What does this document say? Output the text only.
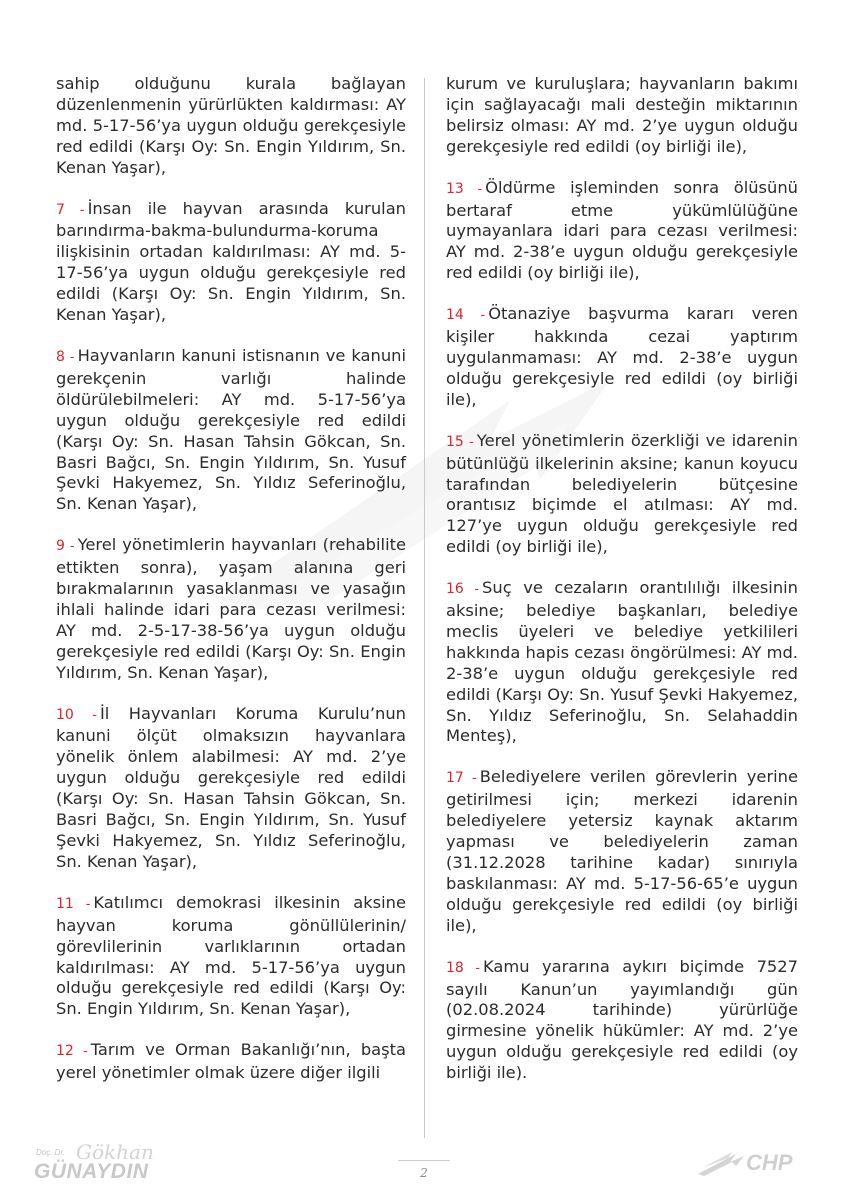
sahip olduğunu kurala bağlayan düzenlenmenin yürürlükten kaldırması: AY md. 5-17-56’ya uygun olduğu gerekçesiyle red edildi (Karşı Oy: Sn. Engin Yıldırım, Sn. Kenan Yaşar),

7 - İnsan ile hayvan arasında kurulan barındırma-bakma-bulundurma-koruma ilişkisinin ortadan kaldırılması: AY md. 5-17-56’ya uygun olduğu gerekçesiyle red edildi (Karşı Oy: Sn. Engin Yıldırım, Sn. Kenan Yaşar),

8 - Hayvanların kanuni istisnanın ve kanuni gerekçenin varlığı halinde öldürülebilmeleri: AY md. 5-17-56’ya uygun olduğu gerekçesiyle red edildi (Karşı Oy: Sn. Hasan Tahsin Gökcan, Sn. Basri Bağcı, Sn. Engin Yıldırım, Sn. Yusuf Şevki Hakyemez, Sn. Yıldız Seferinoğlu, Sn. Kenan Yaşar),

9 - Yerel yönetimlerin hayvanları (rehabilite ettikten sonra), yaşam alanına geri bırakmalarının yasaklanması ve yasağın ihlali halinde idari para cezası verilmesi: AY md. 2-5-17-38-56’ya uygun olduğu gerekçesiyle red edildi (Karşı Oy: Sn. Engin Yıldırım, Sn. Kenan Yaşar),

10 - İl Hayvanları Koruma Kurulu’nun kanuni ölçüt olmaksızın hayvanlara yönelik önlem alabilmesi: AY md. 2’ye uygun olduğu gerekçesiyle red edildi (Karşı Oy: Sn. Hasan Tahsin Gökcan, Sn. Basri Bağcı, Sn. Engin Yıldırım, Sn. Yusuf Şevki Hakyemez, Sn. Yıldız Seferinoğlu, Sn. Kenan Yaşar),

11 - Katılımcı demokrasi ilkesinin aksine hayvan koruma gönüllülerinin/ görevlilerinin varlıklarının ortadan kaldırılması: AY md. 5-17-56’ya uygun olduğu gerekçesiyle red edildi (Karşı Oy: Sn. Engin Yıldırım, Sn. Kenan Yaşar),

12 - Tarım ve Orman Bakanlığı’nın, başta yerel yönetimler olmak üzere diğer ilgili

kurum ve kuruluşlara; hayvanların bakımı için sağlayacağı mali desteğin miktarının belirsiz olması: AY md. 2’ye uygun olduğu gerekçesiyle red edildi (oy birliği ile),

13 - Öldürme işleminden sonra ölüsünü bertaraf etme yükümlülüğüne uymayanlara idari para cezası verilmesi: AY md. 2-38’e uygun olduğu gerekçesiyle red edildi (oy birliği ile),

14 - Ötanaziye başvurma kararı veren kişiler hakkında cezai yaptırım uygulanmaması: AY md. 2-38’e uygun olduğu gerekçesiyle red edildi (oy birliği ile),

15 - Yerel yönetimlerin özerkliği ve idarenin bütünlüğü ilkelerinin aksine; kanun koyucu tarafından belediyelerin bütçesine orantısız biçimde el atılması: AY md. 127’ye uygun olduğu gerekçesiyle red edildi (oy birliği ile),

16 - Suç ve cezaların orantılılığı ilkesinin aksine; belediye başkanları, belediye meclis üyeleri ve belediye yetkilileri hakkında hapis cezası öngörülmesi: AY md. 2-38’e uygun olduğu gerekçesiyle red edildi (Karşı Oy: Sn. Yusuf Şevki Hakyemez, Sn. Yıldız Seferinoğlu, Sn. Selahaddin Menteş),

17 - Belediyelere verilen görevlerin yerine getirilmesi için; merkezi idarenin belediyelere yetersiz kaynak aktarım yapması ve belediyelerin zaman (31.12.2028 tarihine kadar) sınırıyla baskılanması: AY md. 5-17-56-65’e uygun olduğu gerekçesiyle red edildi (oy birliği ile),

18 - Kamu yararına aykırı biçimde 7527 sayılı Kanun’un yayımlandığı gün (02.08.2024 tarihinde) yürürlüğe girmesine yönelik hükümler: AY md. 2’ye uygun olduğu gerekçesiyle red edildi (oy birliği ile).

Doç. Dr. Gökhan
GÜNAYDIN	2	CHP
